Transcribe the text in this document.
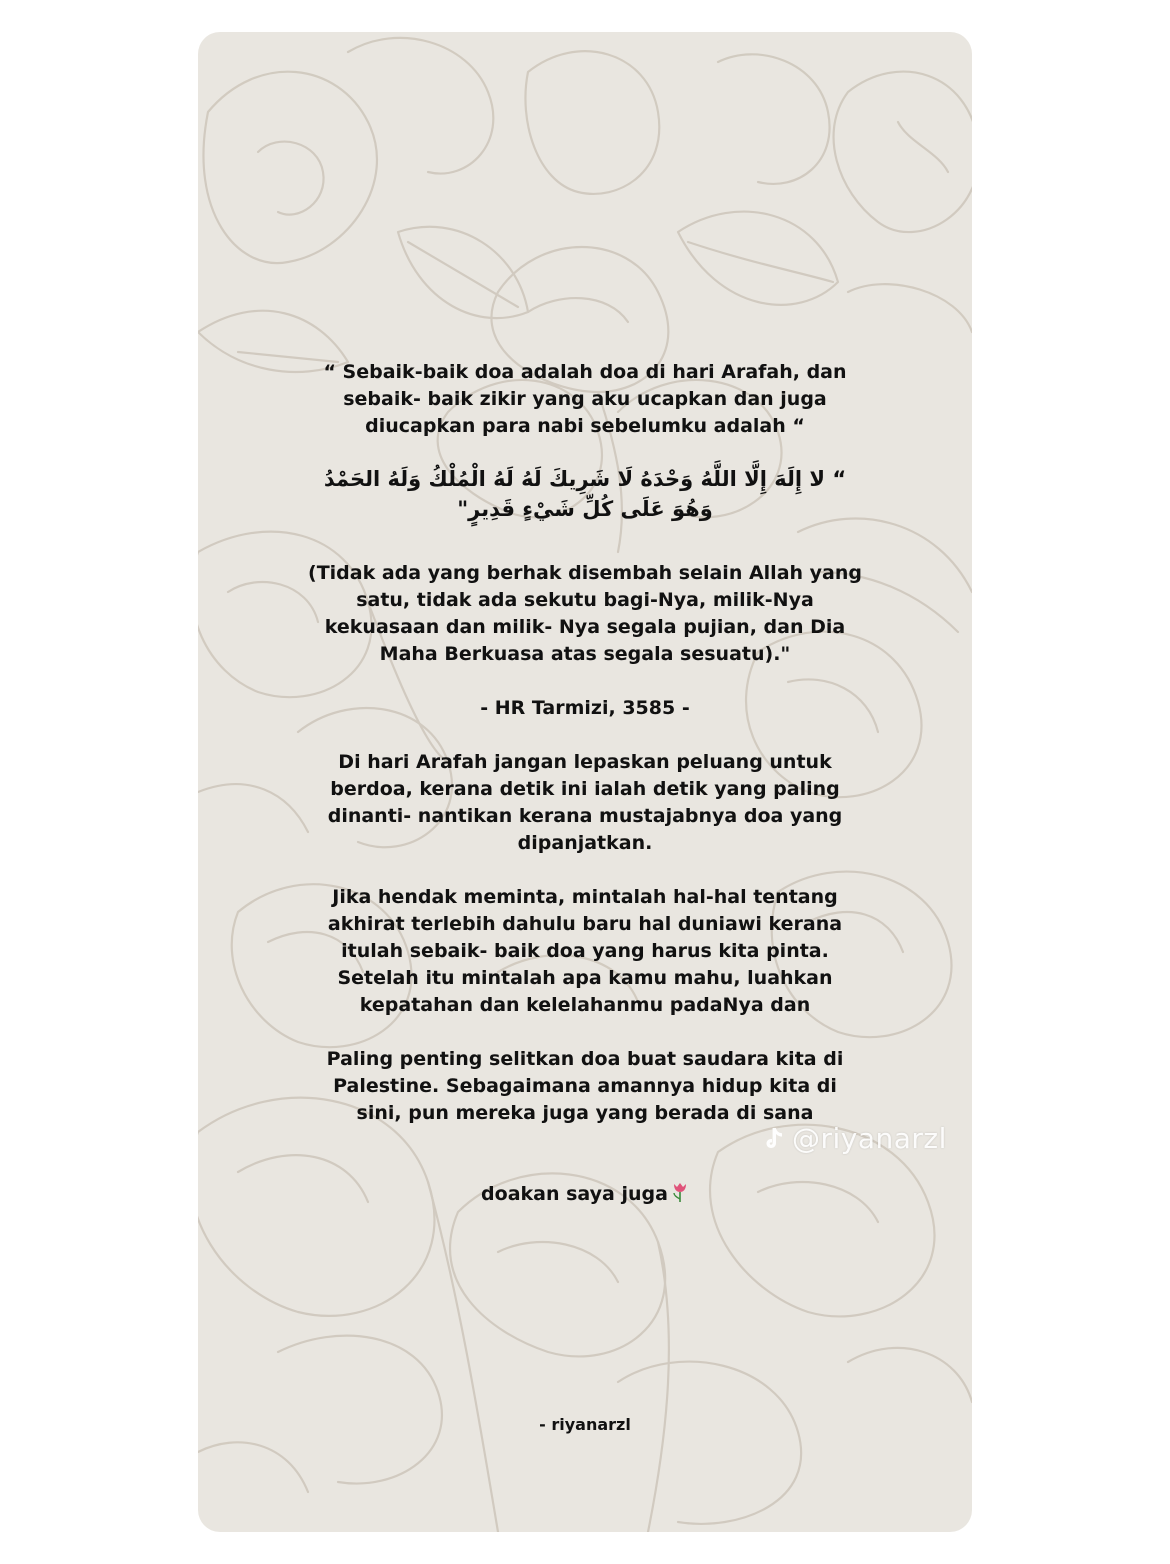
“ Sebaik-baik doa adalah doa di hari Arafah, dan sebaik- baik zikir yang aku ucapkan dan juga diucapkan para nabi sebelumku adalah “

“ لا إِلَهَ إِلَّا اللَّهُ وَحْدَهُ لَا شَرِيكَ لَهُ لَهُ الْمُلْكُ وَلَهُ الحَمْدُ وَهُوَ عَلَى كُلِّ شَيْءٍ قَدِيرٍ"

(Tidak ada yang berhak disembah selain Allah yang satu, tidak ada sekutu bagi-Nya, milik-Nya kekuasaan dan milik- Nya segala pujian, dan Dia Maha Berkuasa atas segala sesuatu)."

- HR Tarmizi, 3585 -

Di hari Arafah jangan lepaskan peluang untuk berdoa, kerana detik ini ialah detik yang paling dinanti- nantikan kerana mustajabnya doa yang dipanjatkan.

Jika hendak meminta, mintalah hal-hal tentang akhirat terlebih dahulu baru hal duniawi kerana itulah sebaik- baik doa yang harus kita pinta. Setelah itu mintalah apa kamu mahu, luahkan kepatahan dan kelelahanmu padaNya dan

Paling penting selitkan doa buat saudara kita di Palestine. Sebagaimana amannya hidup kita di sini, pun mereka juga yang berada di sana

doakan saya juga

@riyanarzl
- riyanarzl
